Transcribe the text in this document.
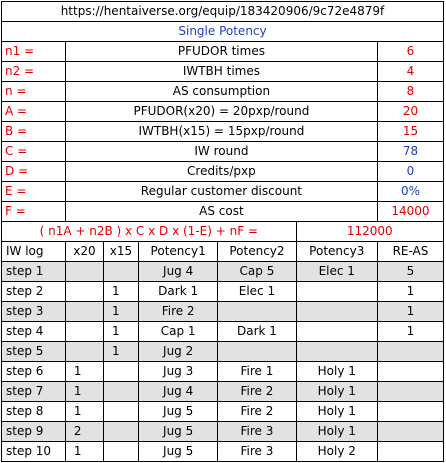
https://hentaiverse.org/equip/183420906/9c72e4879f						
Single Potency						
n1 =	PFUDOR times					6
n2 =	IWTBH times					4
n =	AS consumption					8
A =	PFUDOR(x20) = 20pxp/round					20
B =	IWTBH(x15) = 15pxp/round					15
C =	IW round					78
D =	Credits/pxp					0
E =	Regular customer discount					0%
F =	AS cost					14000
( n1A + n2B ) x C x D x (1-E) + nF =					112000	
IW log	x20	x15	Potency1	Potency2	Potency3	RE-AS
step 1			Jug 4	Cap 5	Elec 1	5
step 2		1	Dark 1	Elec 1		1
step 3		1	Fire 2			1
step 4		1	Cap 1	Dark 1		1
step 5		1	Jug 2			
step 6	1		Jug 3	Fire 1	Holy 1	
step 7	1		Jug 4	Fire 2	Holy 1	
step 8	1		Jug 5	Fire 2	Holy 1	
step 9	2		Jug 5	Fire 3	Holy 1	
step 10	1		Jug 5	Fire 3	Holy 2	
